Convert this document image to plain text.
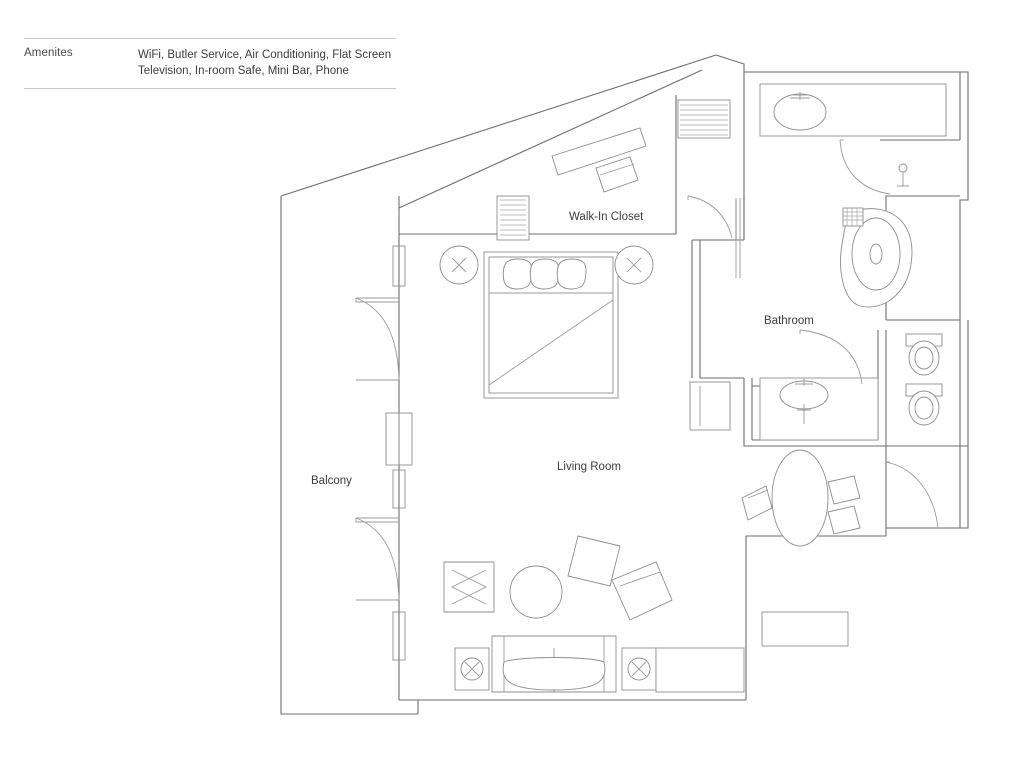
Amenites	WiFi, Butler Service, Air Conditioning, Flat Screen Television, In-room Safe, Mini Bar, Phone
Walk-In Closet
Bathroom
Balcony
Living Room
